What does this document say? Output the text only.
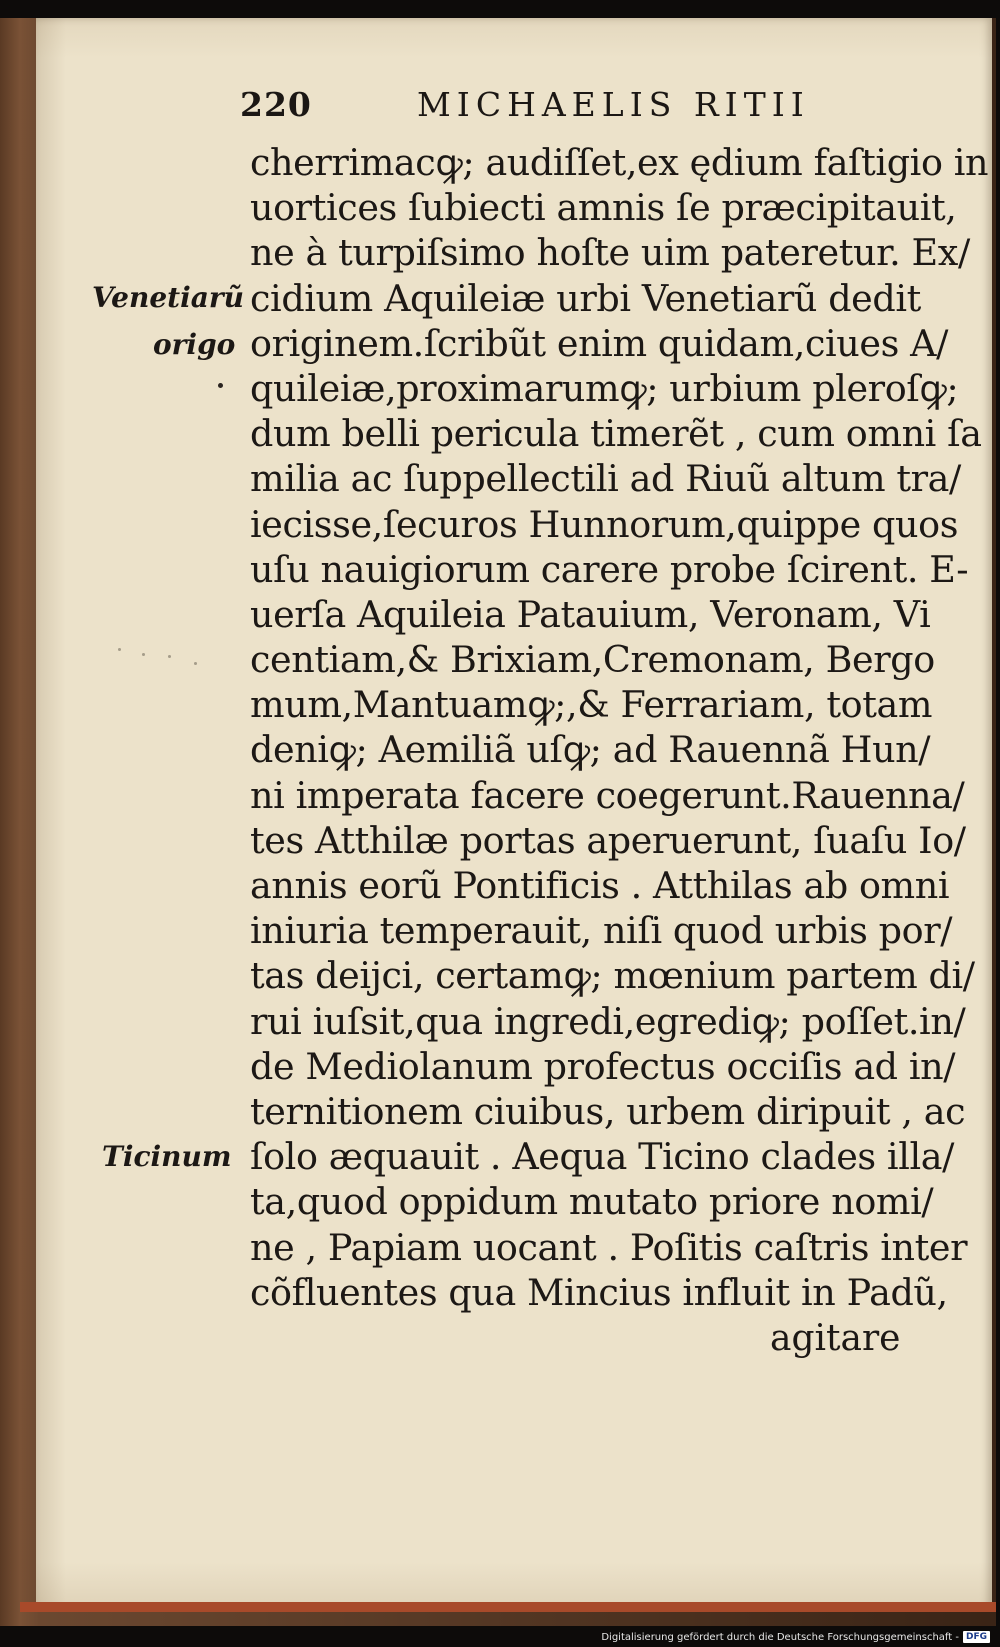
220	MICHAELIS RITII
Venetiarũ
origo
Ticinum
cherrimacꝙ; audiſſet,ex ędium faſtigio in
uortices ſubiecti amnis ſe præcipitauit,
ne à turpiſsimo hoſte uim pateretur. Ex/
cidium Aquileiæ urbi Venetiarũ dedit
originem.ſcribũt enim quidam,ciues A/
quileiæ,proximarumꝙ; urbium pleroſꝙ;
dum belli pericula timerẽt , cum omni ſa
milia ac ſuppellectili ad Riuũ altum tra/
iecisse,ſecuros Hunnorum,quippe quos
uſu nauigiorum carere probe ſcirent. E-
uerſa Aquileia Patauium, Veronam, Vi
centiam,& Brixiam,Cremonam, Bergo
mum,Mantuamꝙ;,& Ferrariam, totam
deniꝙ; Aemiliã uſꝙ; ad Rauennã Hun/
ni imperata facere coegerunt.Rauenna/
tes Atthilæ portas aperuerunt, ſuaſu Io/
annis eorũ Pontificis . Atthilas ab omni
iniuria temperauit, niſi quod urbis por/
tas deijci, certamꝙ; mœnium partem di/
rui iuſsit,qua ingredi,egrediꝙ; poſſet.in/
de Mediolanum profectus occiſis ad in/
ternitionem ciuibus, urbem diripuit , ac
ſolo æquauit . Aequa Ticino clades illa/
ta,quod oppidum mutato priore nomi/
ne , Papiam uocant . Poſitis caſtris inter
cõfluentes qua Mincius influit in Padũ,
agitare
Digitalisierung gefördert durch die Deutsche Forschungsgemeinschaft - DFG
